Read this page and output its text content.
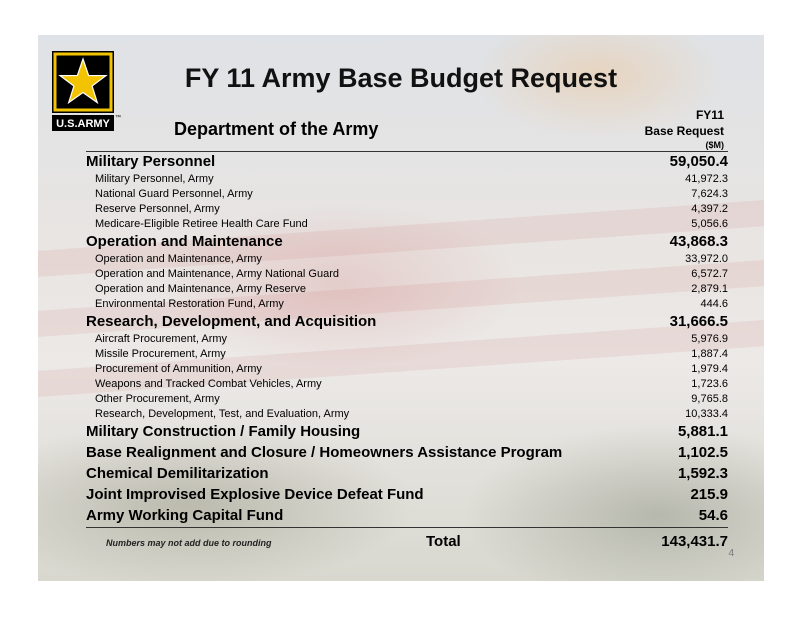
U.S.ARMY ™
FY 11 Army Base Budget Request
Department of the Army
FY11
Base Request
($M)
Military Personnel	59,050.4
Military Personnel, Army	41,972.3
National Guard Personnel, Army	7,624.3
Reserve Personnel, Army	4,397.2
Medicare-Eligible Retiree Health Care Fund	5,056.6
Operation and Maintenance	43,868.3
Operation and Maintenance, Army	33,972.0
Operation and Maintenance, Army National Guard	6,572.7
Operation and Maintenance, Army Reserve	2,879.1
Environmental Restoration Fund, Army	444.6
Research, Development, and Acquisition	31,666.5
Aircraft Procurement, Army	5,976.9
Missile Procurement, Army	1,887.4
Procurement of Ammunition, Army	1,979.4
Weapons and Tracked Combat Vehicles, Army	1,723.6
Other Procurement, Army	9,765.8
Research, Development, Test, and Evaluation, Army	10,333.4
Military Construction / Family Housing	5,881.1
Base Realignment and Closure / Homeowners Assistance Program	1,102.5
Chemical Demilitarization	1,592.3
Joint Improvised Explosive Device Defeat Fund	215.9
Army Working Capital Fund	54.6
Numbers may not add due to rounding	Total	143,431.7
4
